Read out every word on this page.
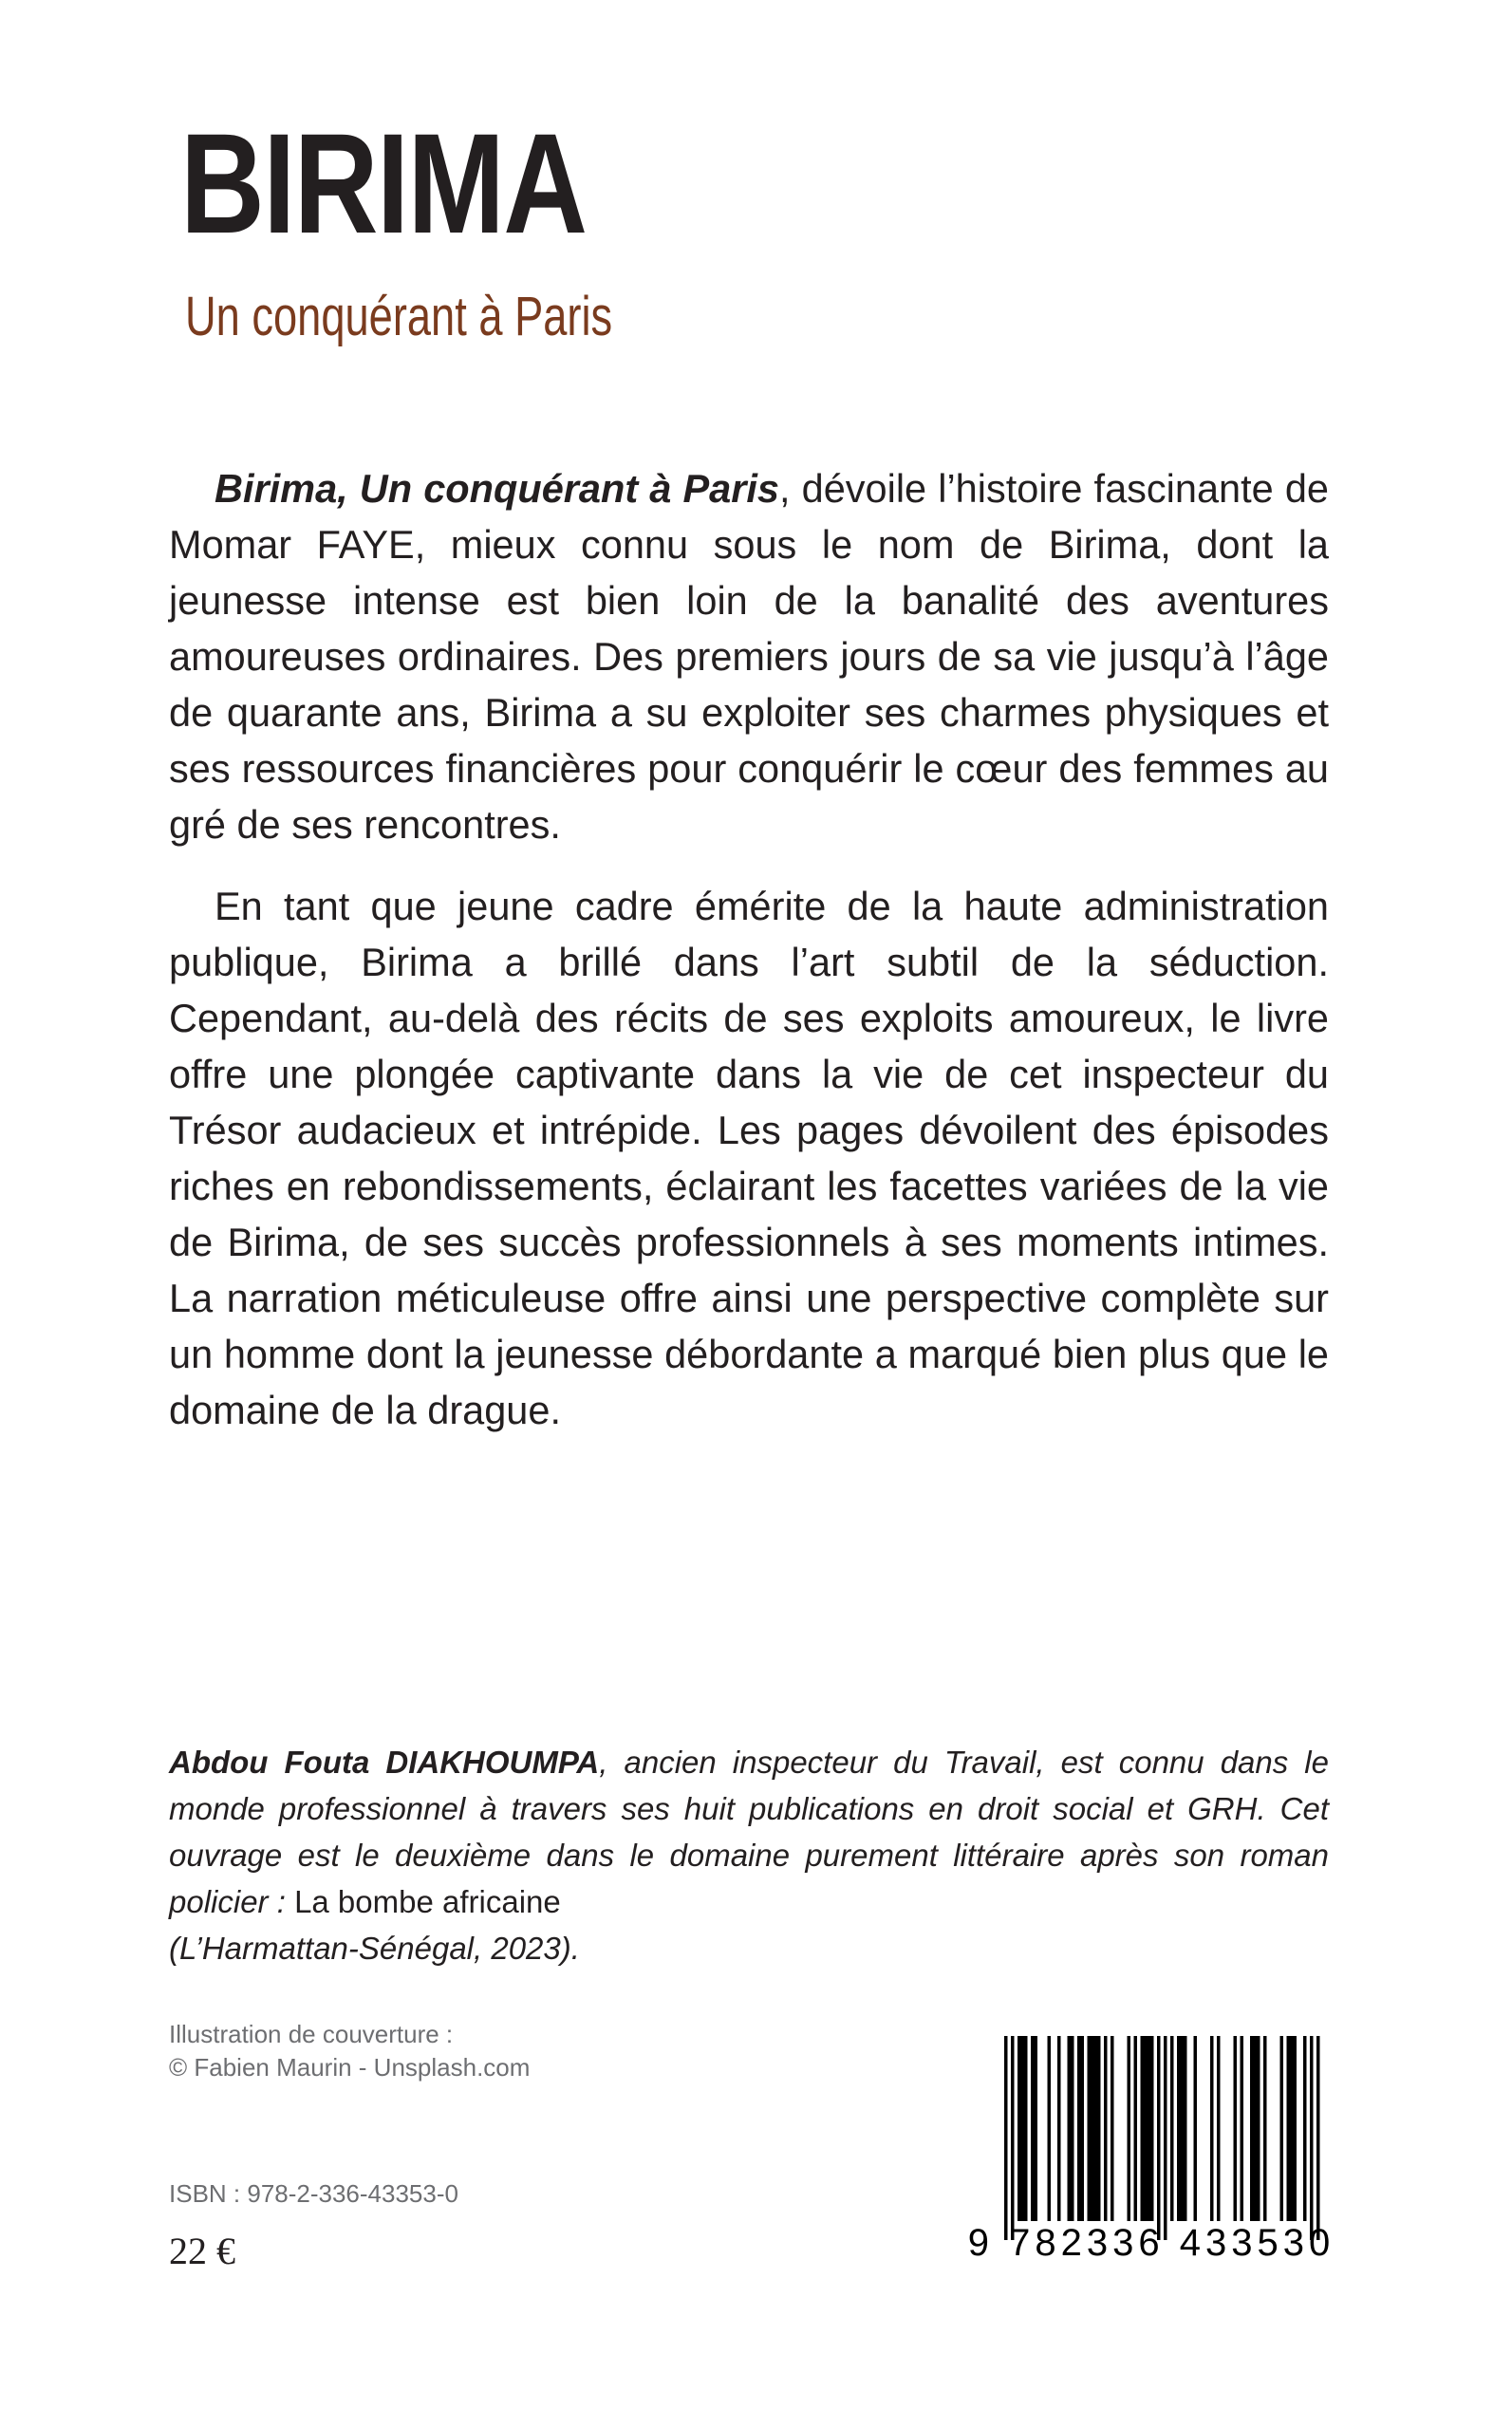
BIRIMA
Un conquérant à Paris

Birima, Un conquérant à Paris, dévoile l’histoire fascinante de Momar FAYE, mieux connu sous le nom de Birima, dont la jeunesse intense est bien loin de la banalité des aventures amoureuses ordinaires. Des premiers jours de sa vie jusqu’à l’âge de quarante ans, Birima a su exploiter ses charmes physiques et ses ressources financières pour conquérir le cœur des femmes au gré de ses rencontres.

En tant que jeune cadre émérite de la haute administration publique, Birima a brillé dans l’art subtil de la séduction. Cependant, au-delà des récits de ses exploits amoureux, le livre offre une plongée captivante dans la vie de cet inspecteur du Trésor audacieux et intrépide. Les pages dévoilent des épisodes riches en rebondissements, éclairant les facettes variées de la vie de Birima, de ses succès professionnels à ses moments intimes. La narration méticuleuse offre ainsi une perspective complète sur un homme dont la jeunesse débordante a marqué bien plus que le domaine de la drague.

Abdou Fouta DIAKHOUMPA, ancien inspecteur du Travail, est connu dans le monde professionnel à travers ses huit publications en droit social et GRH. Cet ouvrage est le deuxième dans le domaine purement littéraire après son roman policier : La bombe africaine
(L’Harmattan-Sénégal, 2023).

Illustration de couverture :
© Fabien Maurin - Unsplash.com
ISBN : 978-2-336-43353-0
22 €	9 782336 433530
